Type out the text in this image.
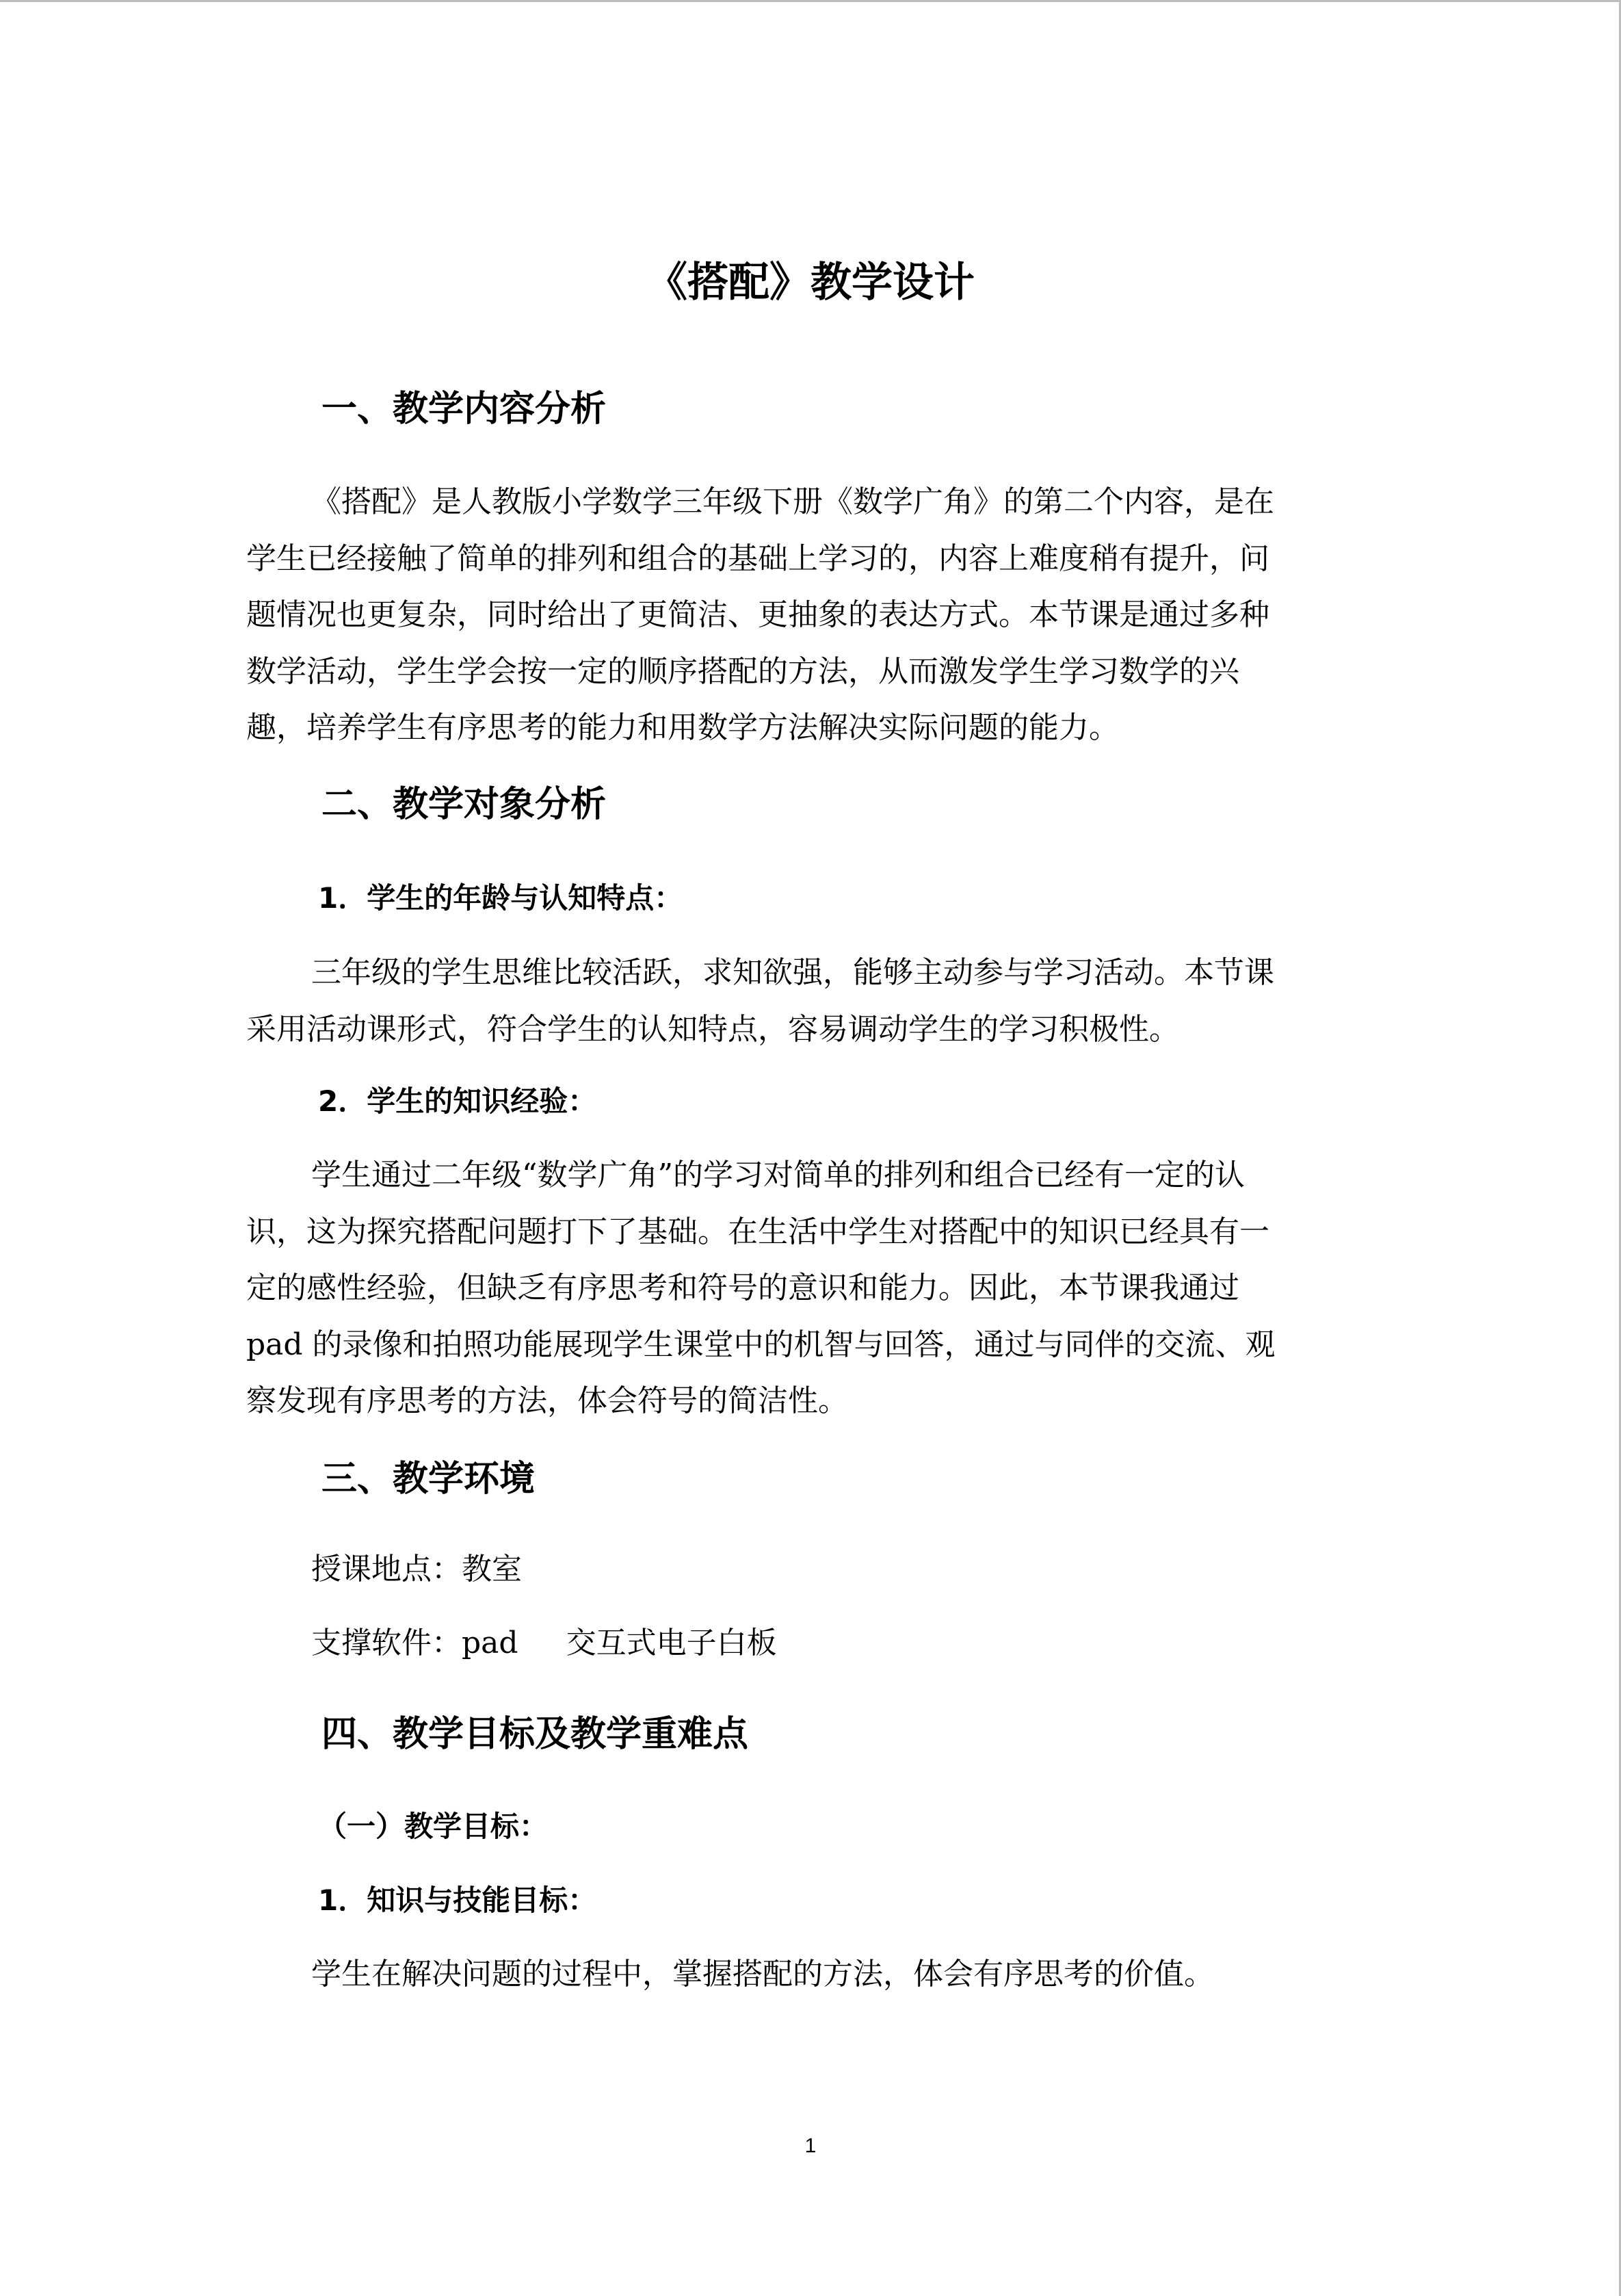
《搭配》教学设计
一、教学内容分析
《搭配》是人教版小学数学三年级下册《数学广角》的第二个内容，是在
学生已经接触了简单的排列和组合的基础上学习的，内容上难度稍有提升，问
题情况也更复杂，同时给出了更简洁、更抽象的表达方式。本节课是通过多种
数学活动，学生学会按一定的顺序搭配的方法，从而激发学生学习数学的兴
趣，培养学生有序思考的能力和用数学方法解决实际问题的能力。
二、教学对象分析
1．学生的年龄与认知特点：
三年级的学生思维比较活跃，求知欲强，能够主动参与学习活动。本节课
采用活动课形式，符合学生的认知特点，容易调动学生的学习积极性。
2．学生的知识经验：
学生通过二年级“数学广角”的学习对简单的排列和组合已经有一定的认
识，这为探究搭配问题打下了基础。在生活中学生对搭配中的知识已经具有一
定的感性经验，但缺乏有序思考和符号的意识和能力。因此，本节课我通过
pad 的录像和拍照功能展现学生课堂中的机智与回答，通过与同伴的交流、观
察发现有序思考的方法，体会符号的简洁性。
三、教学环境
授课地点：教室
支撑软件：pad 交互式电子白板
四、教学目标及教学重难点
（一）教学目标：
1．知识与技能目标：
学生在解决问题的过程中，掌握搭配的方法，体会有序思考的价值。
1
